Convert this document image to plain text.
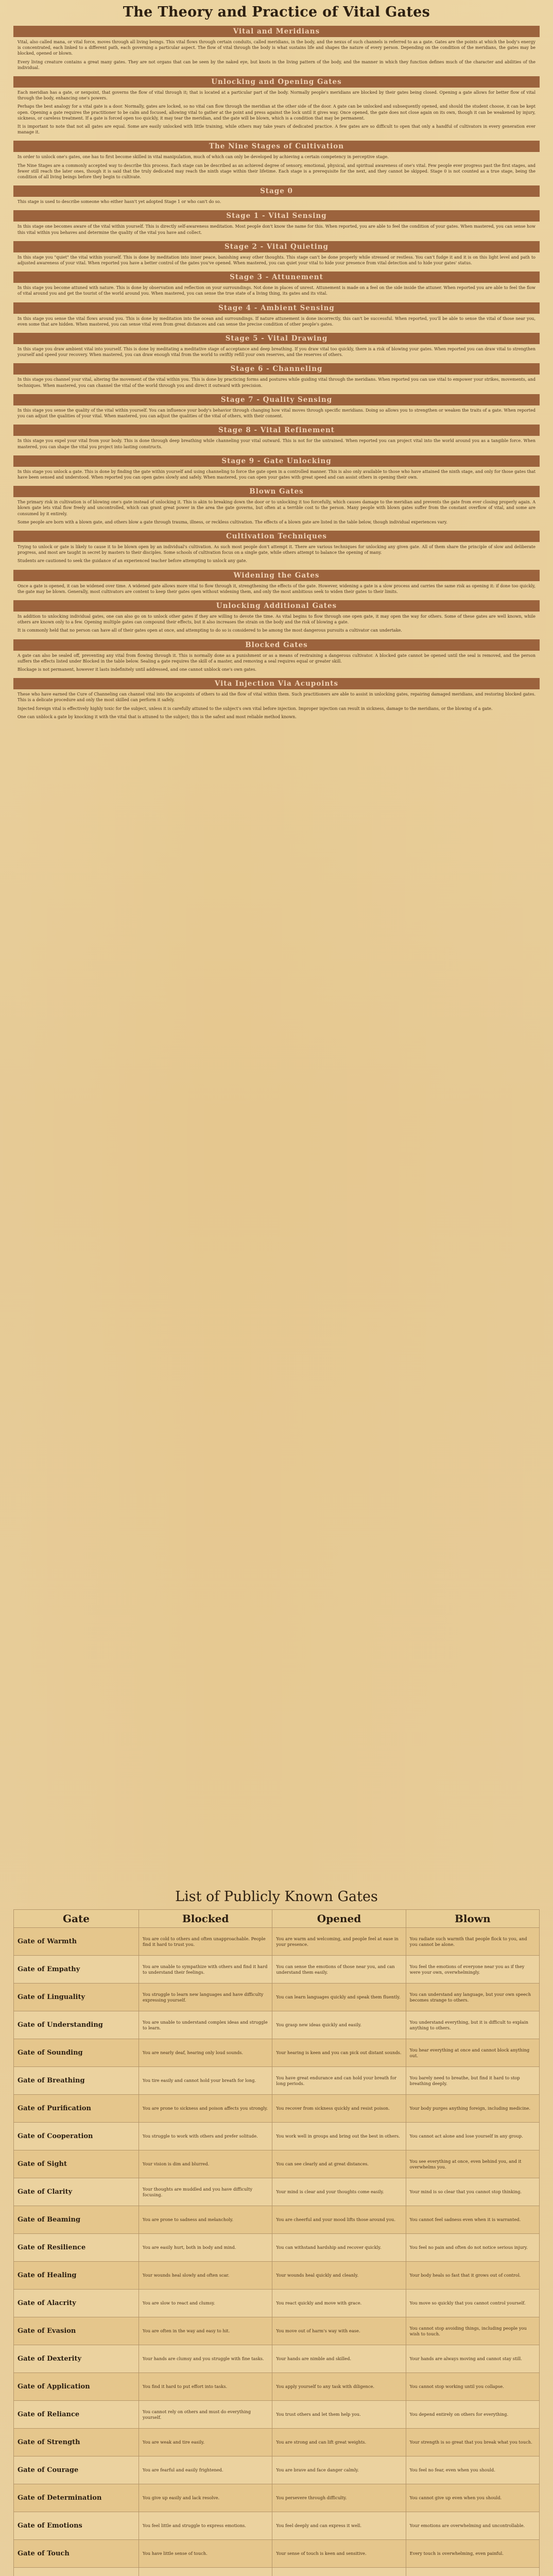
The Theory and Practice of Vital Gates
Vital and Meridians

Vital, also called mana, or vital force, moves through all living beings. This vital flows through certain conduits, called meridians, in the body, and the nexus of such channels is referred to as a gate. Gates are the points at which the body's energy is concentrated, each linked to a different path, each governing a particular aspect. The flow of vital through the body is what sustains life and shapes the nature of every person. Depending on the condition of the meridians, the gates may be blocked, opened or blown.

Every living creature contains a great many gates. They are not organs that can be seen by the naked eye, but knots in the living pattern of the body, and the manner in which they function defines much of the character and abilities of the individual.

Unlocking and Opening Gates

Each meridian has a gate, or nexpoint, that governs the flow of vital through it; that is located at a particular part of the body. Normally people's meridians are blocked by their gates being closed. Opening a gate allows for better flow of vital through the body, enhancing one's powers.

Perhaps the best analogy for a vital gate is a door. Normally, gates are locked, so no vital can flow through the meridian at the other side of the door. A gate can be unlocked and subsequently opened, and should the student choose, it can be kept open. Opening a gate requires the practitioner to be calm and focused, allowing vital to gather at the point and press against the lock until it gives way. Once opened, the gate does not close again on its own, though it can be weakened by injury, sickness, or careless treatment. If a gate is forced open too quickly, it may tear the meridian, and the gate will be blown, which is a condition that may be permanent.

It is important to note that not all gates are equal. Some are easily unlocked with little training, while others may take years of dedicated practice. A few gates are so difficult to open that only a handful of cultivators in every generation ever manage it.

The Nine Stages of Cultivation

In order to unlock one's gates, one has to first become skilled in vital manipulation, much of which can only be developed by achieving a certain competency in perceptive stage.

The Nine Stages are a commonly accepted way to describe this process. Each stage can be described as an achieved degree of sensory, emotional, physical, and spiritual awareness of one's vital. Few people ever progress past the first stages, and fewer still reach the later ones, though it is said that the truly dedicated may reach the ninth stage within their lifetime. Each stage is a prerequisite for the next, and they cannot be skipped. Stage 0 is not counted as a true stage, being the condition of all living beings before they begin to cultivate.

Stage 0

This stage is used to describe someone who either hasn't yet adopted Stage 1 or who can't do so.

Stage 1 - Vital Sensing

In this stage one becomes aware of the vital within yourself. This is directly self-awareness meditation. Most people don't know the name for this. When reported, you are able to feel the condition of your gates. When mastered, you can sense how this vital within you behaves and determine the quality of the vital you have and collect.

Stage 2 - Vital Quieting

In this stage you "quiet" the vital within yourself. This is done by meditation into inner peace, banishing away other thoughts. This stage can't be done properly while stressed or restless. You can't fudge it and it is on this light level and path to adjusted awareness of your vital. When reported you have a better control of the gates you've opened. When mastered, you can quiet your vital to hide your presence from vital detection and to hide your gates' status.

Stage 3 - Attunement

In this stage you become attuned with nature. This is done by observation and reflection on your surroundings. Not done in places of unrest. Attunement is made on a feel on the side inside the attuner. When reported you are able to feel the flow of vital around you and get the tourist of the world around you. When mastered, you can sense the true state of a living thing, its gates and its vital.

Stage 4 - Ambient Sensing

In this stage you sense the vital flows around you. This is done by meditation into the ocean and surroundings. If nature attunement is done incorrectly, this can't be successful. When reported, you'll be able to sense the vital of those near you, even some that are hidden. When mastered, you can sense vital even from great distances and can sense the precise condition of other people's gates.

Stage 5 - Vital Drawing

In this stage you draw ambient vital into yourself. This is done by meditating a meditative stage of acceptance and deep breathing. If you draw vital too quickly, there is a risk of blowing your gates. When reported you can draw vital to strengthen yourself and speed your recovery. When mastered, you can draw enough vital from the world to swiftly refill your own reserves, and the reserves of others.

Stage 6 - Channeling

In this stage you channel your vital, altering the movement of the vital within you. This is done by practicing forms and postures while guiding vital through the meridians. When reported you can use vital to empower your strikes, movements, and techniques. When mastered, you can channel the vital of the world through you and direct it outward with precision.

Stage 7 - Quality Sensing

In this stage you sense the quality of the vital within yourself. You can influence your body's behavior through changing how vital moves through specific meridians. Doing so allows you to strengthen or weaken the traits of a gate. When reported you can adjust the qualities of your vital. When mastered, you can adjust the qualities of the vital of others, with their consent.

Stage 8 - Vital Refinement

In this stage you expel your vital from your body. This is done through deep breathing while channeling your vital outward. This is not for the untrained. When reported you can project vital into the world around you as a tangible force. When mastered, you can shape the vital you project into lasting constructs.

Stage 9 - Gate Unlocking

In this stage you unlock a gate. This is done by finding the gate within yourself and using channeling to force the gate open in a controlled manner. This is also only available to those who have attained the ninth stage, and only for those gates that have been sensed and understood. When reported you can open gates slowly and safely. When mastered, you can open your gates with great speed and can assist others in opening their own.

Blown Gates

The primary risk in cultivation is of blowing one's gate instead of unlocking it. This is akin to breaking down the door or to unlocking it too forcefully, which causes damage to the meridian and prevents the gate from ever closing properly again. A blown gate lets vital flow freely and uncontrolled, which can grant great power in the area the gate governs, but often at a terrible cost to the person. Many people with blown gates suffer from the constant overflow of vital, and some are consumed by it entirely.

Some people are born with a blown gate, and others blow a gate through trauma, illness, or reckless cultivation. The effects of a blown gate are listed in the table below, though individual experiences vary.

Cultivation Techniques

Trying to unlock or gate is likely to cause it to be blown open by an individual's cultivation. As such most people don't attempt it. There are various techniques for unlocking any given gate. All of them share the principle of slow and deliberate progress, and most are taught in secret by masters to their disciples. Some schools of cultivation focus on a single gate, while others attempt to balance the opening of many.

Students are cautioned to seek the guidance of an experienced teacher before attempting to unlock any gate.

Widening the Gates

Once a gate is opened, it can be widened over time. A widened gate allows more vital to flow through it, strengthening the effects of the gate. However, widening a gate is a slow process and carries the same risk as opening it: if done too quickly, the gate may be blown. Generally, most cultivators are content to keep their gates open without widening them, and only the most ambitious seek to widen their gates to their limits.

Unlocking Additional Gates

In addition to unlocking individual gates, one can also go on to unlock other gates if they are willing to devote the time. As vital begins to flow through one open gate, it may open the way for others. Some of these gates are well known, while others are known only to a few. Opening multiple gates can compound their effects, but it also increases the strain on the body and the risk of blowing a gate.

It is commonly held that no person can have all of their gates open at once, and attempting to do so is considered to be among the most dangerous pursuits a cultivator can undertake.

Blocked Gates

A gate can also be sealed off, preventing any vital from flowing through it. This is normally done as a punishment or as a means of restraining a dangerous cultivator. A blocked gate cannot be opened until the seal is removed, and the person suffers the effects listed under Blocked in the table below. Sealing a gate requires the skill of a master, and removing a seal requires equal or greater skill.

Blockage is not permanent, however it lasts indefinitely until addressed, and one cannot unblock one's own gates.

Vita Injection Via Acupoints

These who have earned the Cure of Channeling can channel vital into the acupoints of others to aid the flow of vital within them. Such practitioners are able to assist in unlocking gates, repairing damaged meridians, and restoring blocked gates. This is a delicate procedure and only the most skilled can perform it safely.

Injected foreign vital is effectively highly toxic for the subject, unless it is carefully attuned to the subject's own vital before injection. Improper injection can result in sickness, damage to the meridians, or the blowing of a gate.

One can unblock a gate by knocking it with the vital that is attuned to the subject; this is the safest and most reliable method known.

List of Publicly Known Gates
Gate	Blocked	Opened	Blown
Gate of Warmth	You are cold to others and often unapproachable. People find it hard to trust you.	You are warm and welcoming, and people feel at ease in your presence.	You radiate such warmth that people flock to you, and you cannot be alone.
Gate of Empathy	You are unable to sympathize with others and find it hard to understand their feelings.	You can sense the emotions of those near you, and can understand them easily.	You feel the emotions of everyone near you as if they were your own, overwhelmingly.
Gate of Linguality	You struggle to learn new languages and have difficulty expressing yourself.	You can learn languages quickly and speak them fluently.	You can understand any language, but your own speech becomes strange to others.
Gate of Understanding	You are unable to understand complex ideas and struggle to learn.	You grasp new ideas quickly and easily.	You understand everything, but it is difficult to explain anything to others.
Gate of Sounding	You are nearly deaf, hearing only loud sounds.	Your hearing is keen and you can pick out distant sounds.	You hear everything at once and cannot block anything out.
Gate of Breathing	You tire easily and cannot hold your breath for long.	You have great endurance and can hold your breath for long periods.	You barely need to breathe, but find it hard to stop breathing deeply.
Gate of Purification	You are prone to sickness and poison affects you strongly.	You recover from sickness quickly and resist poison.	Your body purges anything foreign, including medicine.
Gate of Cooperation	You struggle to work with others and prefer solitude.	You work well in groups and bring out the best in others.	You cannot act alone and lose yourself in any group.
Gate of Sight	Your vision is dim and blurred.	You can see clearly and at great distances.	You see everything at once, even behind you, and it overwhelms you.
Gate of Clarity	Your thoughts are muddled and you have difficulty focusing.	Your mind is clear and your thoughts come easily.	Your mind is so clear that you cannot stop thinking.
Gate of Beaming	You are prone to sadness and melancholy.	You are cheerful and your mood lifts those around you.	You cannot feel sadness even when it is warranted.
Gate of Resilience	You are easily hurt, both in body and mind.	You can withstand hardship and recover quickly.	You feel no pain and often do not notice serious injury.
Gate of Healing	Your wounds heal slowly and often scar.	Your wounds heal quickly and cleanly.	Your body heals so fast that it grows out of control.
Gate of Alacrity	You are slow to react and clumsy.	You react quickly and move with grace.	You move so quickly that you cannot control yourself.
Gate of Evasion	You are often in the way and easy to hit.	You move out of harm's way with ease.	You cannot stop avoiding things, including people you wish to touch.
Gate of Dexterity	Your hands are clumsy and you struggle with fine tasks.	Your hands are nimble and skilled.	Your hands are always moving and cannot stay still.
Gate of Application	You find it hard to put effort into tasks.	You apply yourself to any task with diligence.	You cannot stop working until you collapse.
Gate of Reliance	You cannot rely on others and must do everything yourself.	You trust others and let them help you.	You depend entirely on others for everything.
Gate of Strength	You are weak and tire easily.	You are strong and can lift great weights.	Your strength is so great that you break what you touch.
Gate of Courage	You are fearful and easily frightened.	You are brave and face danger calmly.	You feel no fear, even when you should.
Gate of Determination	You give up easily and lack resolve.	You persevere through difficulty.	You cannot give up even when you should.
Gate of Emotions	You feel little and struggle to express emotions.	You feel deeply and can express it well.	Your emotions are overwhelming and uncontrollable.
Gate of Touch	You have little sense of touch.	Your sense of touch is keen and sensitive.	Every touch is overwhelming, even painful.
